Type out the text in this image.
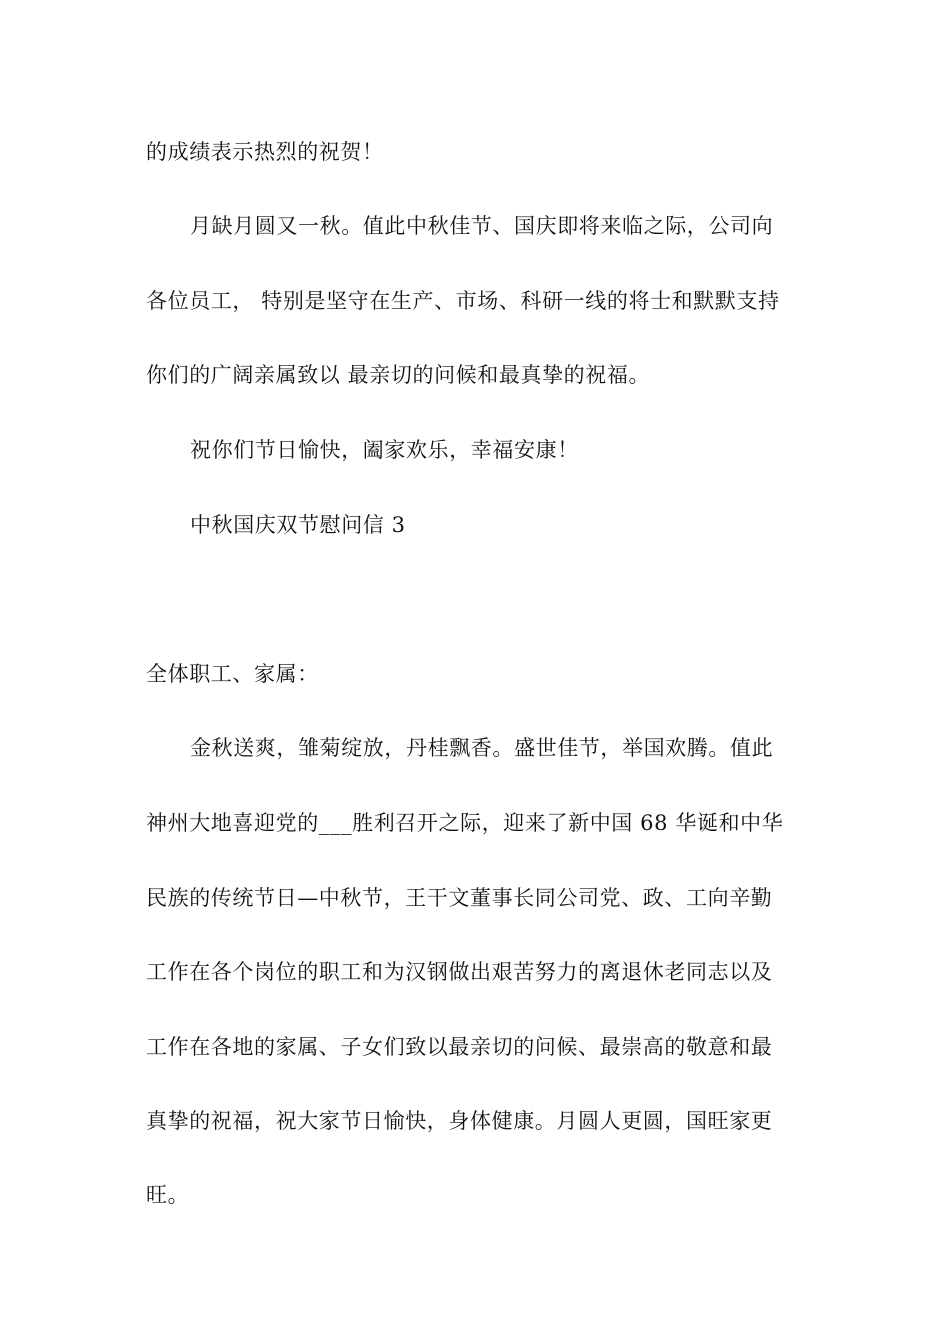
的成绩表示热烈的祝贺！
月缺月圆又一秋。值此中秋佳节、国庆即将来临之际，公司向
各位员工， 特别是坚守在生产、市场、科研一线的将士和默默支持
你们的广阔亲属致以 最亲切的问候和最真挚的祝福。
祝你们节日愉快，阖家欢乐，幸福安康！
中秋国庆双节慰问信 3
全体职工、家属：
金秋送爽，雏菊绽放，丹桂飘香。盛世佳节，举国欢腾。值此
神州大地喜迎党的___胜利召开之际，迎来了新中国 68 华诞和中华
民族的传统节日—中秋节，王干文董事长同公司党、政、工向辛勤
工作在各个岗位的职工和为汉钢做出艰苦努力的离退休老同志以及
工作在各地的家属、子女们致以最亲切的问候、最崇高的敬意和最
真挚的祝福，祝大家节日愉快，身体健康。月圆人更圆，国旺家更
旺。
